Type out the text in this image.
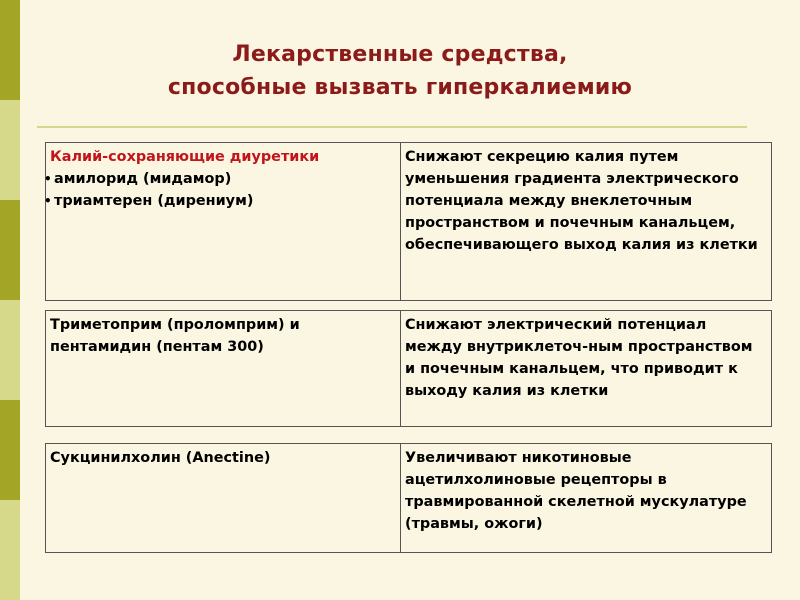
Лекарственные средства,
способные вызвать гиперкалиемию
Калий-сохраняющие диуретики
• амилорид (мидамор)
• триамтерен (дирениум)
	Снижают секрецию калия путем уменьшения градиента электрического потенциала между внеклеточным пространством и почечным канальцем, обеспечивающего выход калия из клетки
Триметоприм (проломприм) и пентамидин (пентам 300)	Снижают электрический потенциал между внутриклеточ-ным пространством и почечным канальцем, что приводит к выходу калия из клетки
Сукцинилхолин (Anectine)	Увеличивают никотиновые ацетилхолиновые рецепторы в травмированной скелетной мускулатуре (травмы, ожоги)
